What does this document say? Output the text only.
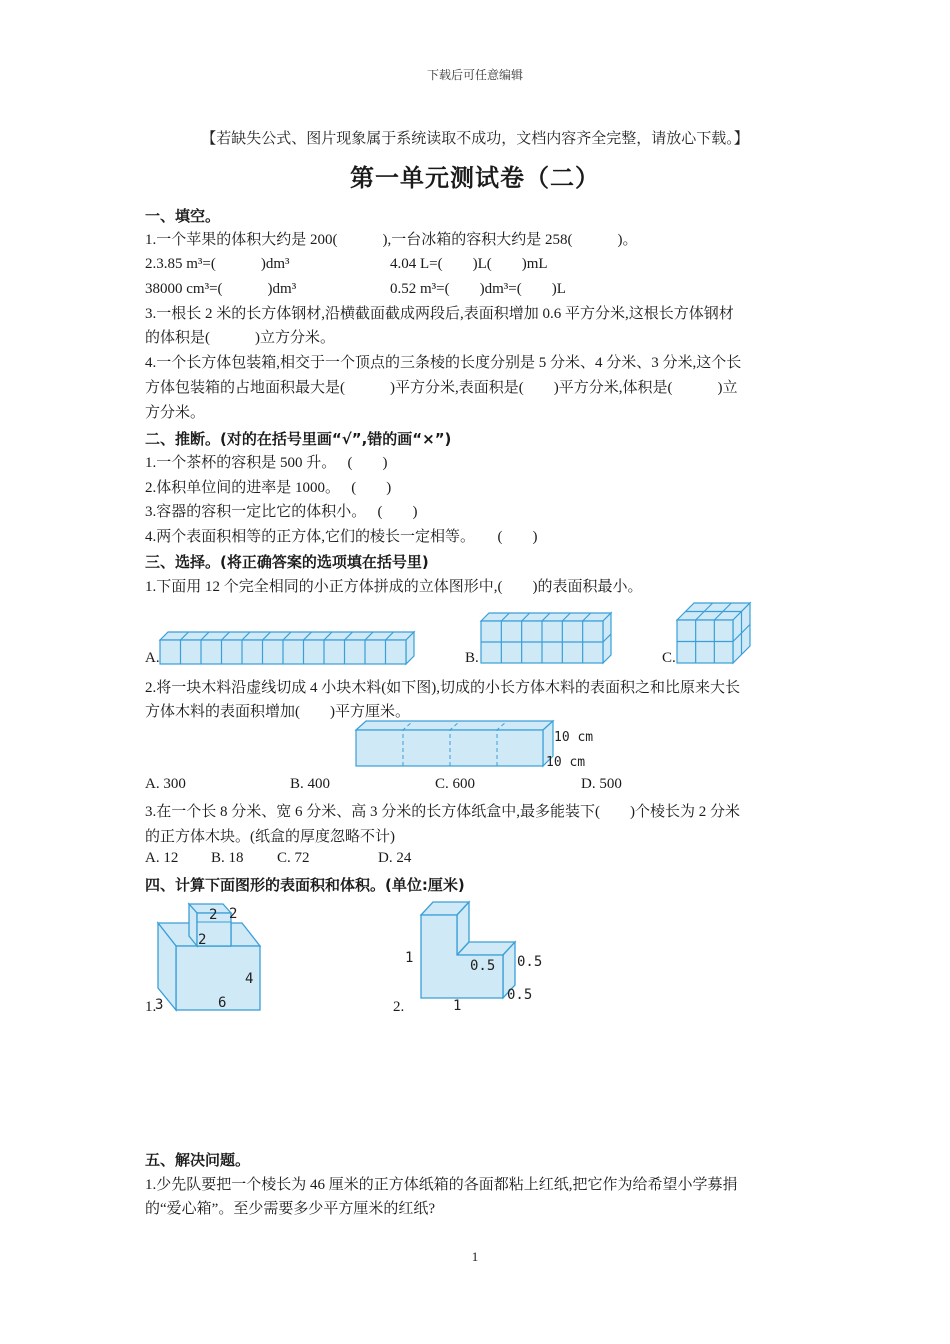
下载后可任意编辑
【若缺失公式、图片现象属于系统读取不成功，文档内容齐全完整，请放心下载。】
第一单元测试卷（二）
一、填空。
1.一个苹果的体积大约是 200(　　　),一台冰箱的容积大约是 258(　　　)。
2.3.85 m³=(　　　)dm³	4.04 L=(　　)L(　　)mL
38000 cm³=(　　　)dm³	0.52 m³=(　　)dm³=(　　)L
3.一根长 2 米的长方体钢材,沿横截面截成两段后,表面积增加 0.6 平方分米,这根长方体钢材
的体积是(　　　)立方分米。
4.一个长方体包装箱,相交于一个顶点的三条棱的长度分别是 5 分米、4 分米、3 分米,这个长
方体包装箱的占地面积最大是(　　　)平方分米,表面积是(　　)平方分米,体积是(　　　)立
方分米。
二、推断。(对的在括号里画“√”,错的画“×”)
1.一个茶杯的容积是 500 升。　 (　　)
2.体积单位间的进率是 1000。　 (　　)
3.容器的容积一定比它的体积小。　 (　　)
4.两个表面积相等的正方体,它们的棱长一定相等。　　(　　)
三、选择。(将正确答案的选项填在括号里)
1.下面用 12 个完全相同的小正方体拼成的立体图形中,(　　)的表面积最小。
A.	B.	C.
2.将一块木料沿虚线切成 4 小块木料(如下图),切成的小长方体木料的表面积之和比原来大长
方体木料的表面积增加(　　)平方厘米。
10 cm
10 cm
A. 300	B. 400	C. 600	D. 500
3.在一个长 8 分米、宽 6 分米、高 3 分米的长方体纸盒中,最多能装下(　　)个棱长为 2 分米
的正方体木块。(纸盒的厚度忽略不计)
A. 12 B. 18 C. 72	D. 24
四、计算下面图形的表面积和体积。(单位:厘米)
1.
2 2
2
4
6
3	2.
1	0.5 0.5
0.5
1
五、解决问题。
1.少先队要把一个棱长为 46 厘米的正方体纸箱的各面都粘上红纸,把它作为给希望小学募捐
的“爱心箱”。至少需要多少平方厘米的红纸?
1
